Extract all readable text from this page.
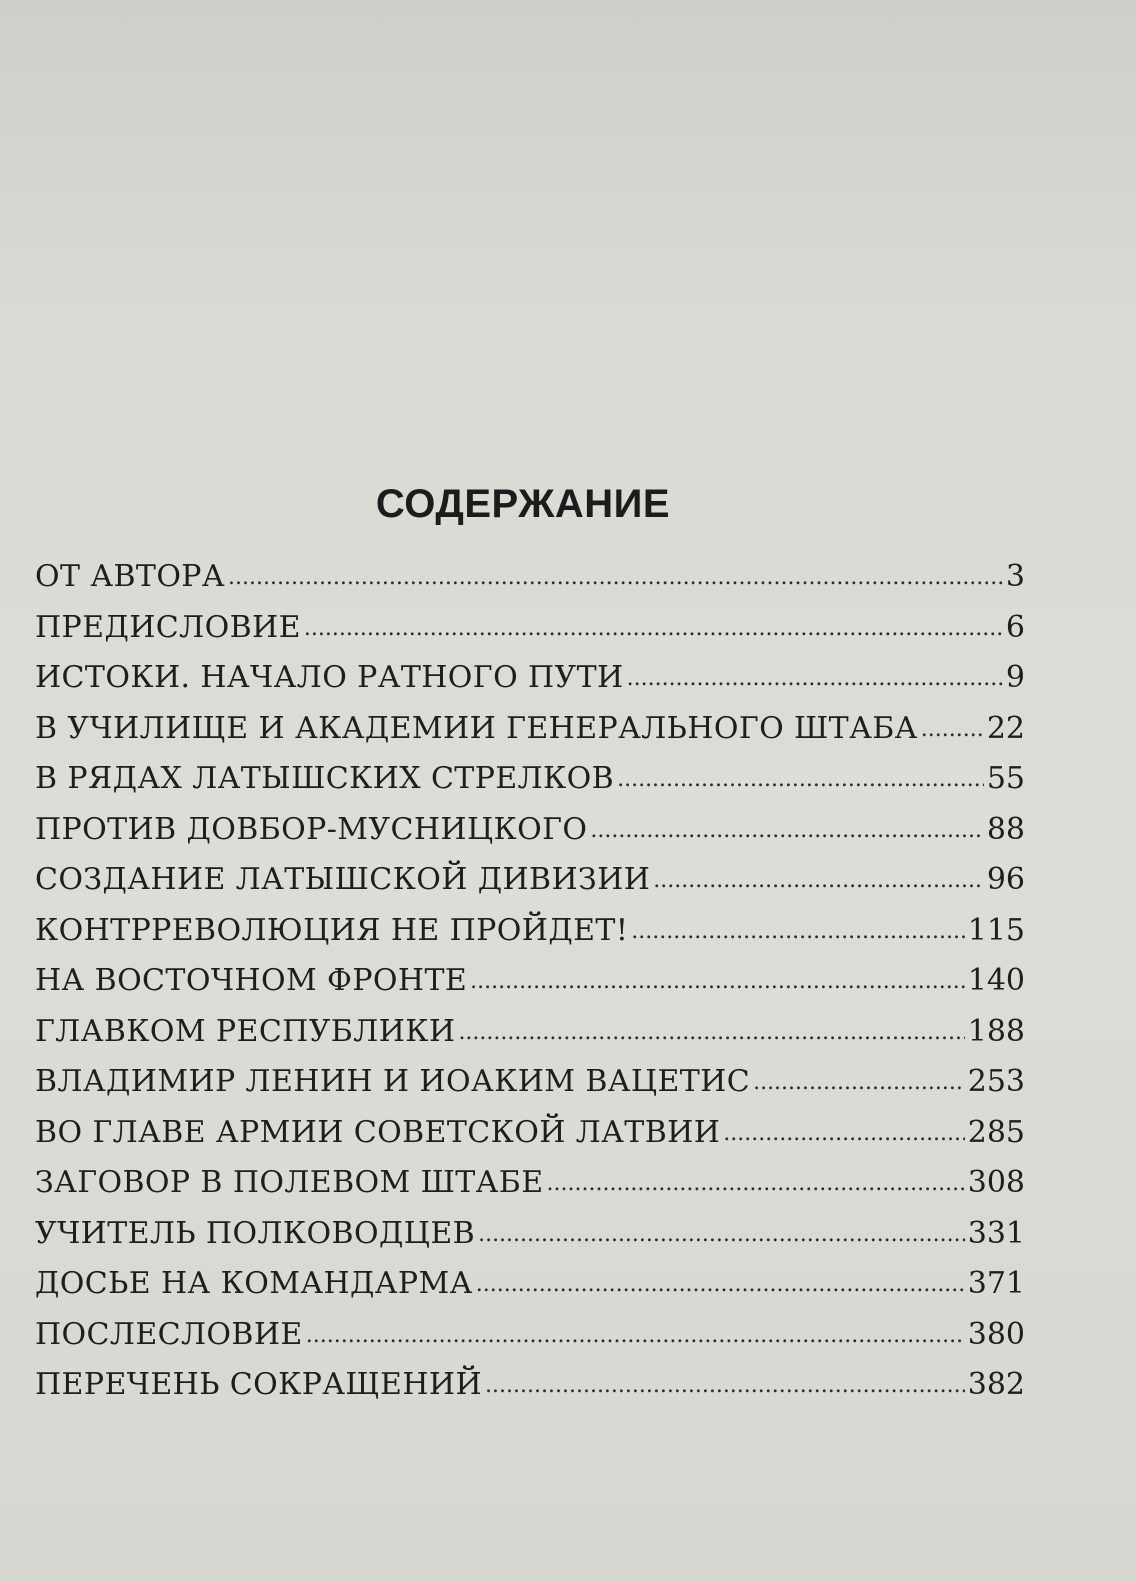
СОДЕРЖАНИЕ
ОТ АВТОРА .....	3
ПРЕДИСЛОВИЕ .....	6
ИСТОКИ. НАЧАЛО РАТНОГО ПУТИ .....	9
В УЧИЛИЩЕ И АКАДЕМИИ ГЕНЕРАЛЬНОГО ШТАБА ..... 22
В РЯДАХ ЛАТЫШСКИХ СТРЕЛКОВ .....	55
ПРОТИВ ДОВБОР-МУСНИЦКОГО .....	88
СОЗДАНИЕ ЛАТЫШСКОЙ ДИВИЗИИ .....	96
КОНТРРЕВОЛЮЦИЯ НЕ ПРОЙДЕТ! .....	115
НА ВОСТОЧНОМ ФРОНТЕ .....	140
ГЛАВКОМ РЕСПУБЛИКИ .....	188
ВЛАДИМИР ЛЕНИН И ИОАКИМ ВАЦЕТИС .....	253
ВО ГЛАВЕ АРМИИ СОВЕТСКОЙ ЛАТВИИ .....	285
ЗАГОВОР В ПОЛЕВОМ ШТАБЕ .....	308
УЧИТЕЛЬ ПОЛКОВОДЦЕВ .....	331
ДОСЬЕ НА КОМАНДАРМА .....	371
ПОСЛЕСЛОВИЕ .....	380
ПЕРЕЧЕНЬ СОКРАЩЕНИЙ .....	382
